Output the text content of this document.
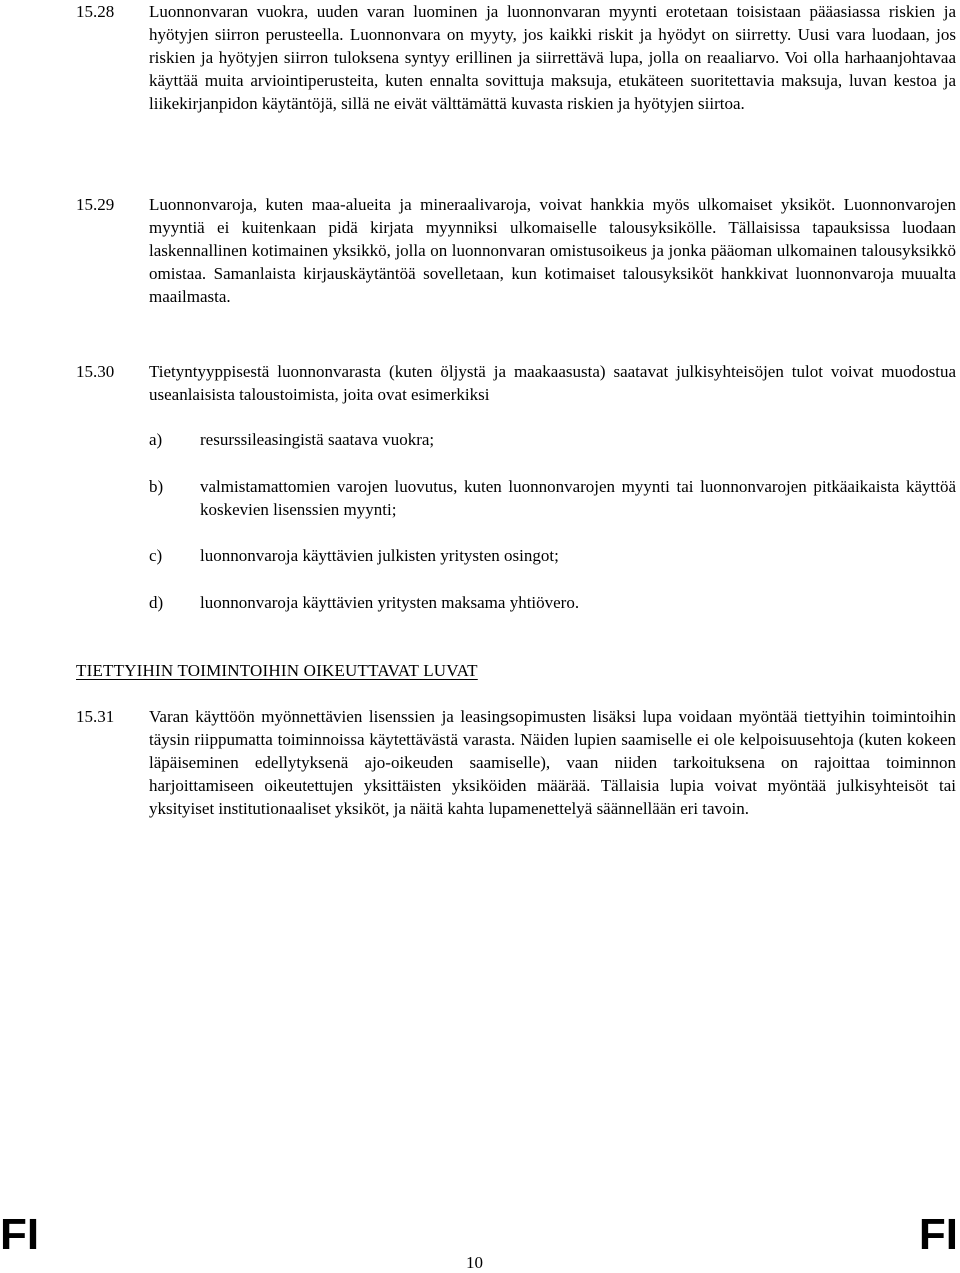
15.28 Luonnonvaran vuokra, uuden varan luominen ja luonnonvaran myynti erotetaan toisistaan pääasiassa riskien ja hyötyjen siirron perusteella. Luonnonvara on myyty, jos kaikki riskit ja hyödyt on siirretty. Uusi vara luodaan, jos riskien ja hyötyjen siirron tuloksena syntyy erillinen ja siirrettävä lupa, jolla on reaaliarvo. Voi olla harhaanjohtavaa käyttää muita arviointiperusteita, kuten ennalta sovittuja maksuja, etukäteen suoritettavia maksuja, luvan kestoa ja liikekirjanpidon käytäntöjä, sillä ne eivät välttämättä kuvasta riskien ja hyötyjen siirtoa.
15.29 Luonnonvaroja, kuten maa-alueita ja mineraalivaroja, voivat hankkia myös ulkomaiset yksiköt. Luonnonvarojen myyntiä ei kuitenkaan pidä kirjata myynniksi ulkomaiselle talousyksikölle. Tällaisissa tapauksissa luodaan laskennallinen kotimainen yksikkö, jolla on luonnonvaran omistusoikeus ja jonka pääoman ulkomainen talousyksikkö omistaa. Samanlaista kirjauskäytäntöä sovelletaan, kun kotimaiset talousyksiköt hankkivat luonnonvaroja muualta maailmasta.
15.30 Tietyntyyppisestä luonnonvarasta (kuten öljystä ja maakaasusta) saatavat julkisyhteisöjen tulot voivat muodostua useanlaisista taloustoimista, joita ovat esimerkiksi
a) resurssileasingistä saatava vuokra;
b) valmistamattomien varojen luovutus, kuten luonnonvarojen myynti tai luonnonvarojen pitkäaikaista käyttöä koskevien lisenssien myynti;
c) luonnonvaroja käyttävien julkisten yritysten osingot;
d) luonnonvaroja käyttävien yritysten maksama yhtiövero.
TIETTYIHIN TOIMINTOIHIN OIKEUTTAVAT LUVAT
15.31 Varan käyttöön myönnettävien lisenssien ja leasingsopimusten lisäksi lupa voidaan myöntää tiettyihin toimintoihin täysin riippumatta toiminnoissa käytettävästä varasta. Näiden lupien saamiselle ei ole kelpoisuusehtoja (kuten kokeen läpäiseminen edellytyksenä ajo-oikeuden saamiselle), vaan niiden tarkoituksena on rajoittaa toiminnon harjoittamiseen oikeutettujen yksittäisten yksiköiden määrää. Tällaisia lupia voivat myöntää julkisyhteisöt tai yksityiset institutionaaliset yksiköt, ja näitä kahta lupamenettelyä säännellään eri tavoin.
FI
10
FI
